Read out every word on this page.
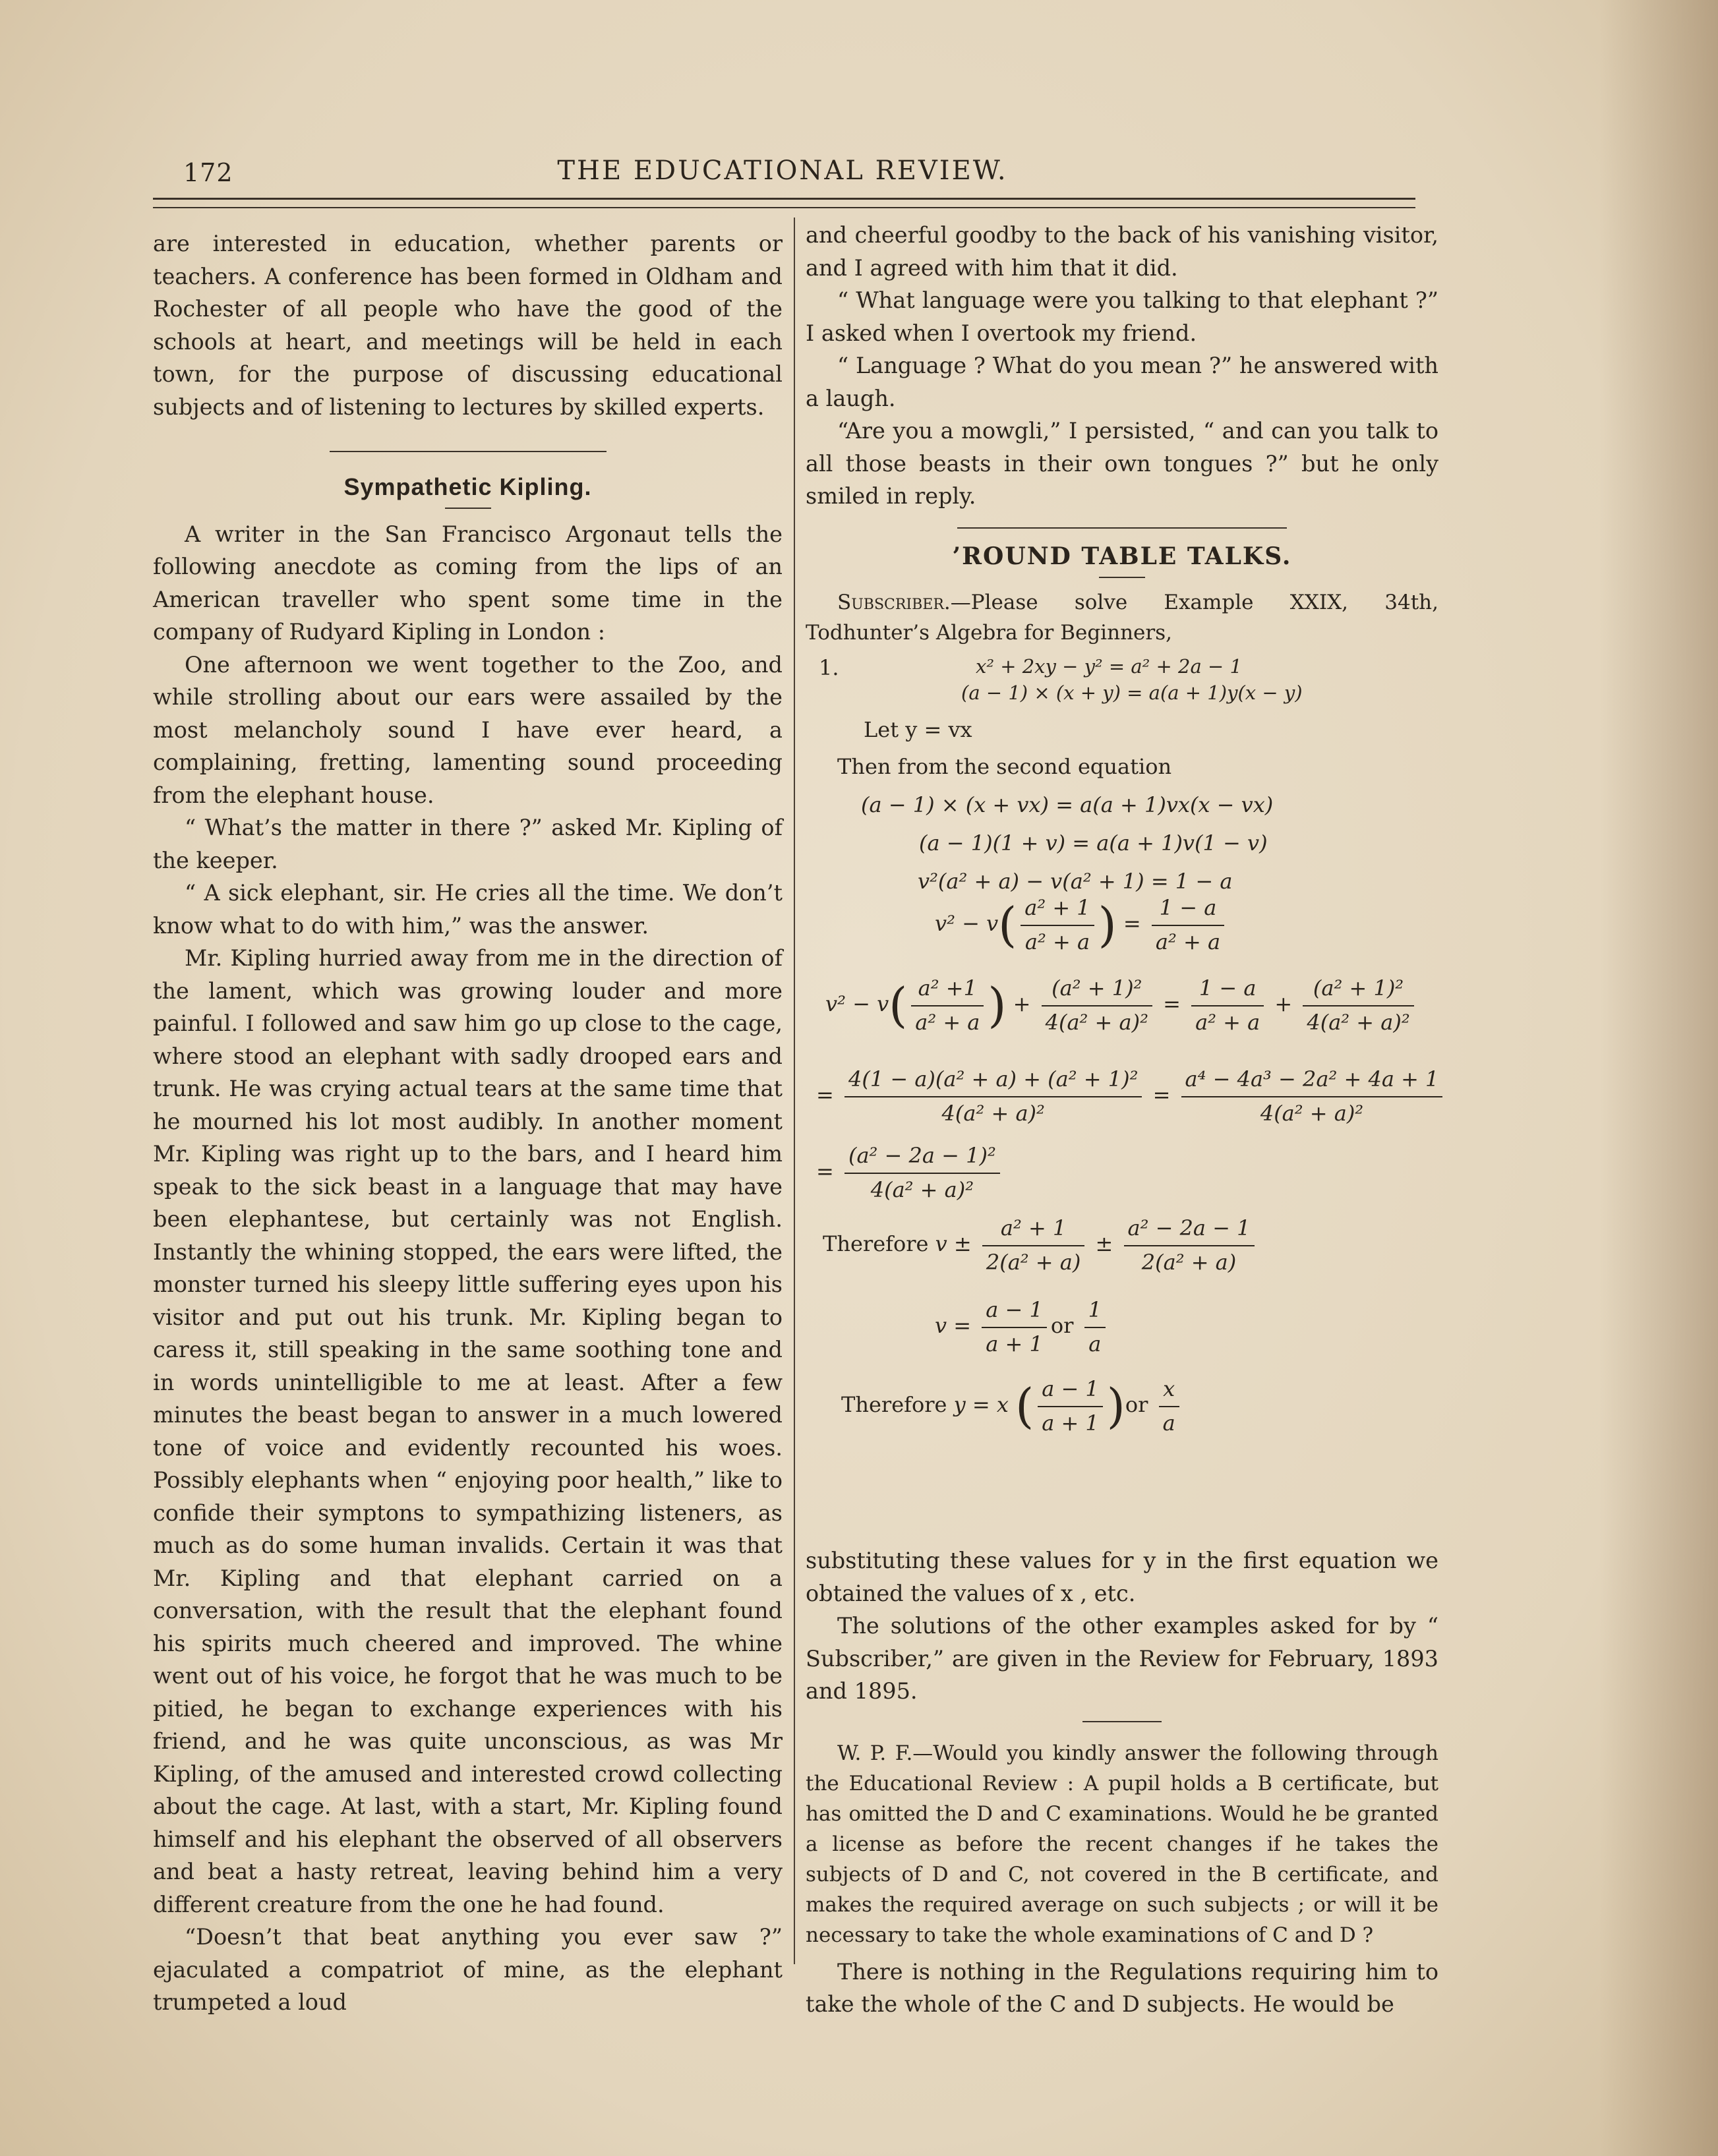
172	THE EDUCATIONAL REVIEW.

are interested in education, whether parents or teachers. A conference has been formed in Oldham and Rochester of all people who have the good of the schools at heart, and meetings will be held in each town, for the purpose of discussing educational subjects and of listening to lectures by skilled experts.

Sympathetic Kipling.

A writer in the San Francisco Argonaut tells the following anecdote as coming from the lips of an American traveller who spent some time in the company of Rudyard Kipling in London :

One afternoon we went together to the Zoo, and while strolling about our ears were assailed by the most melancholy sound I have ever heard, a complaining, fretting, lamenting sound proceeding from the elephant house.

“ What’s the matter in there ?” asked Mr. Kipling of the keeper.

“ A sick elephant, sir. He cries all the time. We don’t know what to do with him,” was the answer.

Mr. Kipling hurried away from me in the direction of the lament, which was growing louder and more painful. I followed and saw him go up close to the cage, where stood an elephant with sadly drooped ears and trunk. He was crying actual tears at the same time that he mourned his lot most audibly. In another moment Mr. Kipling was right up to the bars, and I heard him speak to the sick beast in a language that may have been elephantese, but certainly was not English. Instantly the whining stopped, the ears were lifted, the monster turned his sleepy little suffering eyes upon his visitor and put out his trunk. Mr. Kipling began to caress it, still speaking in the same soothing tone and in words unintelligible to me at least. After a few minutes the beast began to answer in a much lowered tone of voice and evidently recounted his woes. Possibly elephants when “ enjoying poor health,” like to confide their symptons to sympathizing listeners, as much as do some human invalids. Certain it was that Mr. Kipling and that elephant carried on a conversation, with the result that the elephant found his spirits much cheered and improved. The whine went out of his voice, he forgot that he was much to be pitied, he began to exchange experiences with his friend, and he was quite unconscious, as was Mr Kipling, of the amused and interested crowd collecting about the cage. At last, with a start, Mr. Kipling found himself and his elephant the observed of all observers and beat a hasty retreat, leaving behind him a very different creature from the one he had found.

“Doesn’t that beat anything you ever saw ?” ejaculated a compatriot of mine, as the elephant trumpeted a loud

and cheerful goodby to the back of his vanishing visitor, and I agreed with him that it did.

“ What language were you talking to that elephant ?” I asked when I overtook my friend.

“ Language ? What do you mean ?” he answered with a laugh.

“Are you a mowgli,” I persisted, “ and can you talk to all those beasts in their own tongues ?” but he only smiled in reply.

’ROUND TABLE TALKS.

Subscriber.—Please solve Example XXIX, 34th, Todhunter’s Algebra for Beginners,

1.	x² + 2xy − y² = a² + 2a − 1
(a − 1) × (x + y) = a(a + 1)y(x − y)
Let y = vx
Then from the second equation
(a − 1) × (x + vx) = a(a + 1)vx(x − vx)
(a − 1)(1 + v) = a(a + 1)v(1 − v)
v²(a² + a) − v(a² + 1) = 1 − a
$v^2 - v( \frac{\text{a² + 1}}{\text{a² + a}}$ ) = $\frac{1 - a}{\text{a² + a}}$
$v^2 - v( \frac{\text{a² +1}}{\text{a² + a}}$ ) + $\frac{\text{(a² + 1)²}}{\text{4(a² + a)²}} = \frac{1 - a}{\text{a² + a}} + \frac{\text{(a² + 1)²}}{\text{4(a² + a)²}}$
= $\frac{\text{4(1 − a)(a² + a) + (a² + 1)²}}{\text{4(a² + a)²}} = \frac{\text{a⁴ − 4a³ − 2a² + 4a + 1}}{\text{4(a² + a)²}}$
= $\frac{\text{(a² − 2a − 1)²}}{\text{4(a² + a)²}}$
Therefore $v \pm \frac{\text{a² + 1}}{\text{2(a² + a)}} \pm \frac{\text{a² − 2a − 1}}{\text{2(a² + a)}}$
$v = \frac{a - 1}{a + 1}$ or $\frac{1}{a}$
Therefore y = x ( $\frac{a - 1}{a + 1} )or \frac{x}{a}$

substituting these values for y in the first equation we obtained the values of x , etc.

The solutions of the other examples asked for by “ Subscriber,” are given in the Review for February, 1893 and 1895.

W. P. F.—Would you kindly answer the following through the Educational Review : A pupil holds a B certificate, but has omitted the D and C examinations. Would he be granted a license as before the recent changes if he takes the subjects of D and C, not covered in the B certificate, and makes the required average on such subjects ; or will it be necessary to take the whole examinations of C and D ?

There is nothing in the Regulations requiring him to take the whole of the C and D subjects. He would be
